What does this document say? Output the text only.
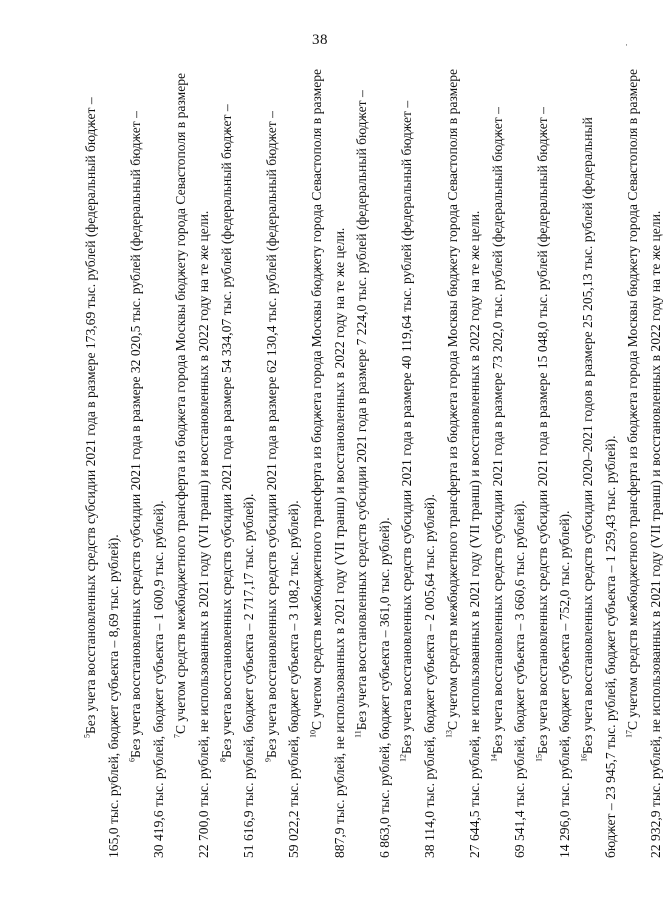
38
$^5$Без учета восстановленных средств субсидии 2021 года в размере 173,69 тыс. рублей (федеральный бюджет – 165,0 тыс. рублей, бюджет субъекта – 8,69 тыс. рублей). $^6$Без учета восстановленных средств субсидии 2021 года в размере 32 020,5 тыс. рублей (федеральный бюджет – 30 419,6 тыс. рублей, бюджет субъекта – 1 600,9 тыс. рублей). $^7$С учетом средств межбюджетного трансферта из бюджета города Москвы бюджету города Севастополя в размере 22 700,0 тыс. рублей, не использованных в 2021 году (VII транш) и восстановленных в 2022 году на те же цели. $^8$Без учета восстановленных средств субсидии 2021 года в размере 54 334,07 тыс. рублей (федеральный бюджет – 51 616,9 тыс. рублей, бюджет субъекта – 2 717,17 тыс. рублей). $^9$Без учета восстановленных средств субсидии 2021 года в размере 62 130,4 тыс. рублей (федеральный бюджет – 59 022,2 тыс. рублей, бюджет субъекта – 3 108,2 тыс. рублей). $^{10}$С учетом средств межбюджетного трансферта из бюджета города Москвы бюджету города Севастополя в размере 887,9 тыс. рублей, не использованных в 2021 году (VII транш) и восстановленных в 2022 году на те же цели. $^{11}$Без учета восстановленных средств субсидии 2021 года в размере 7 224,0 тыс. рублей (федеральный бюджет – 6 863,0 тыс. рублей, бюджет субъекта – 361,0 тыс. рублей). $^{12}$Без учета восстановленных средств субсидии 2021 года в размере 40 119,64 тыс. рублей (федеральный бюджет – 38 114,0 тыс. рублей, бюджет субъекта – 2 005,64 тыс. рублей). $^{13}$С учетом средств межбюджетного трансферта из бюджета города Москвы бюджету города Севастополя в размере 27 644,5 тыс. рублей, не использованных в 2021 году (VII транш) и восстановленных в 2022 году на те же цели. $^{14}$Без учета восстановленных средств субсидии 2021 года в размере 73 202,0 тыс. рублей (федеральный бюджет – 69 541,4 тыс. рублей, бюджет субъекта – 3 660,6 тыс. рублей). $^{15}$Без учета восстановленных средств субсидии 2021 года в размере 15 048,0 тыс. рублей (федеральный бюджет – 14 296,0 тыс. рублей, бюджет субъекта – 752,0 тыс. рублей). $^{16}$Без учета восстановленных средств субсидии 2020–2021 годов в размере 25 205,13 тыс. рублей (федеральный бюджет – 23 945,7 тыс. рублей, бюджет субъекта – 1 259,43 тыс. рублей). $^{17}$С учетом средств межбюджетного трансферта из бюджета города Москвы бюджету города Севастополя в размере 22 932,9 тыс. рублей, не использованных в 2021 году (VII транш) и восстановленных в 2022 году на те же цели.
·
